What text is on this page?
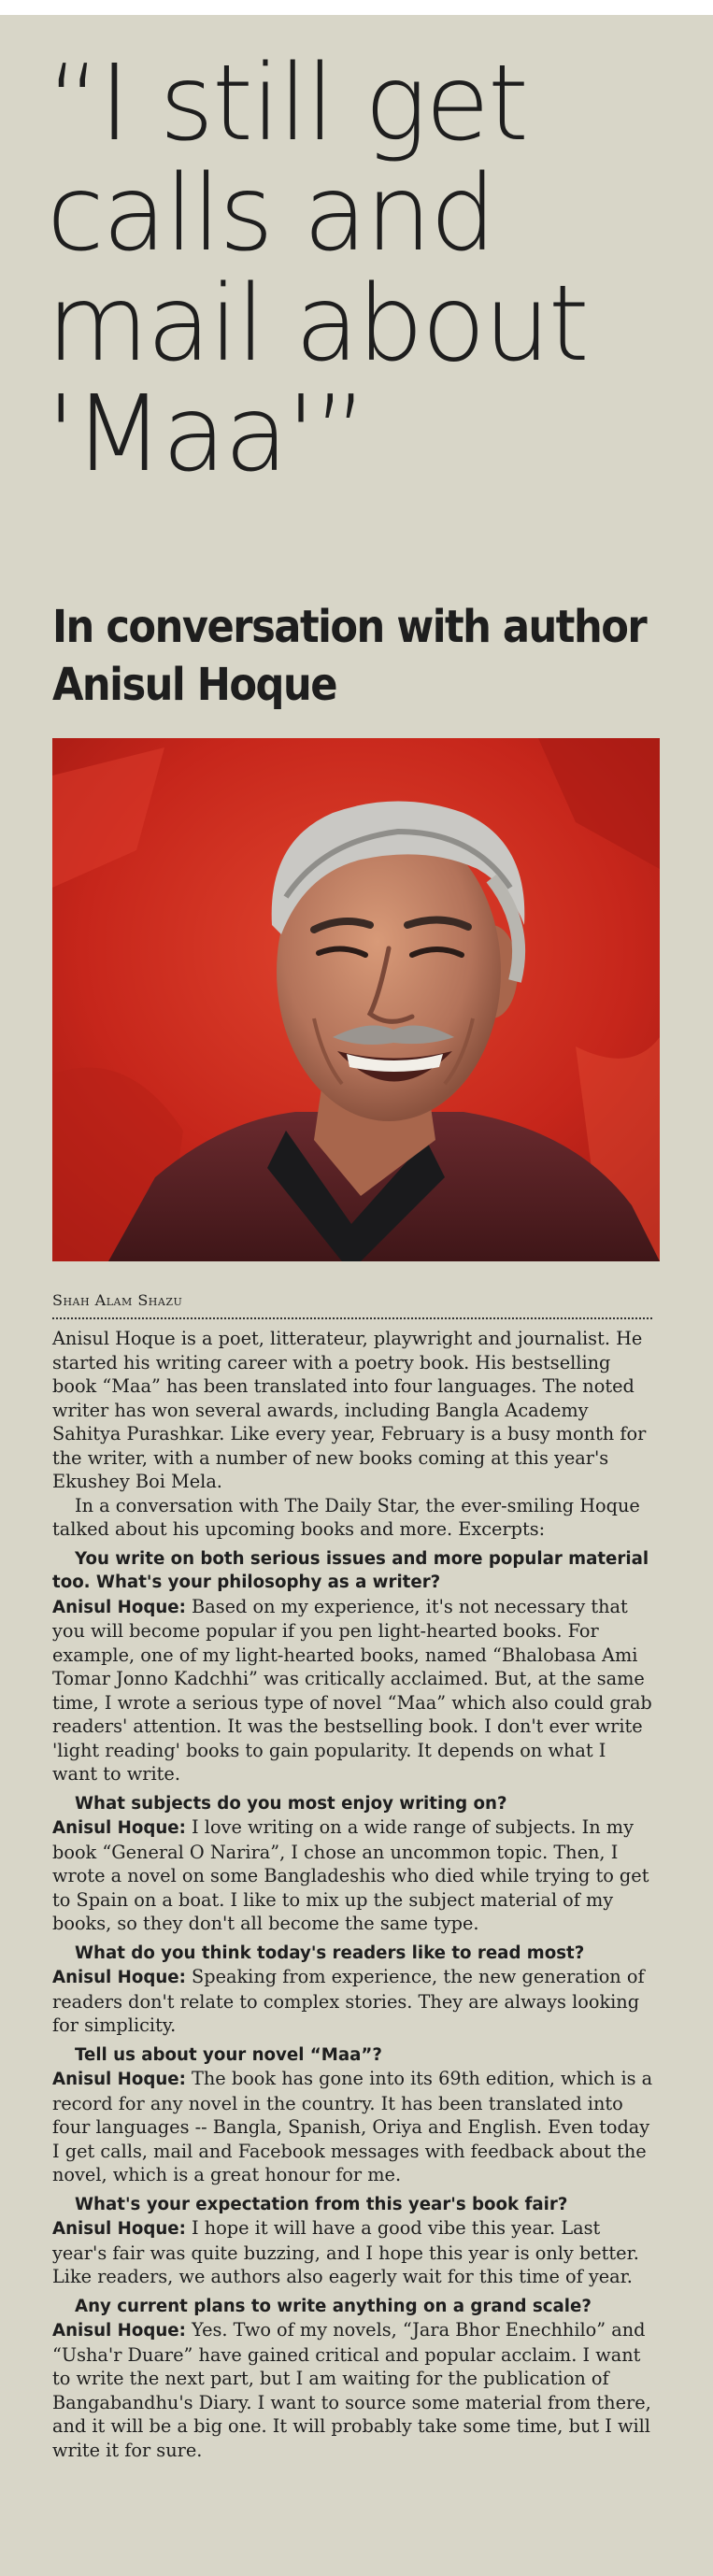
“I still get
calls and
mail about
'Maa'”
In conversation with author
Anisul Hoque
Shah Alam Shazu

Anisul Hoque is a poet, litterateur, playwright and journalist. He started his writing career with a poetry book. His bestselling book “Maa” has been translated into four languages. The noted writer has won several awards, including Bangla Academy Sahitya Purashkar. Like every year, February is a busy month for the writer, with a number of new books coming at this year's Ekushey Boi Mela.

In a conversation with The Daily Star, the ever-smiling Hoque talked about his upcoming books and more. Excerpts:

You write on both serious issues and more popular material too. What's your philosophy as a writer?

Anisul Hoque: Based on my experience, it's not necessary that you will become popular if you pen light-hearted books. For example, one of my light-hearted books, named “Bhalobasa Ami Tomar Jonno Kadchhi” was critically acclaimed. But, at the same time, I wrote a serious type of novel “Maa” which also could grab readers' attention. It was the bestselling book. I don't ever write 'light reading' books to gain popularity. It depends on what I want to write.

What subjects do you most enjoy writing on?

Anisul Hoque: I love writing on a wide range of subjects. In my book “General O Narira”, I chose an uncommon topic. Then, I wrote a novel on some Bangladeshis who died while trying to get to Spain on a boat. I like to mix up the subject material of my books, so they don't all become the same type.

What do you think today's readers like to read most?

Anisul Hoque: Speaking from experience, the new generation of readers don't relate to complex stories. They are always looking for simplicity.

Tell us about your novel “Maa”?

Anisul Hoque: The book has gone into its 69th edition, which is a record for any novel in the country. It has been translated into four languages -- Bangla, Spanish, Oriya and English. Even today I get calls, mail and Facebook messages with feedback about the novel, which is a great honour for me.

What's your expectation from this year's book fair?

Anisul Hoque: I hope it will have a good vibe this year. Last year's fair was quite buzzing, and I hope this year is only better. Like readers, we authors also eagerly wait for this time of year.

Any current plans to write anything on a grand scale?

Anisul Hoque: Yes. Two of my novels, “Jara Bhor Enechhilo” and “Usha'r Duare” have gained critical and popular acclaim. I want to write the next part, but I am waiting for the publication of Bangabandhu's Diary. I want to source some material from there, and it will be a big one. It will probably take some time, but I will write it for sure.
